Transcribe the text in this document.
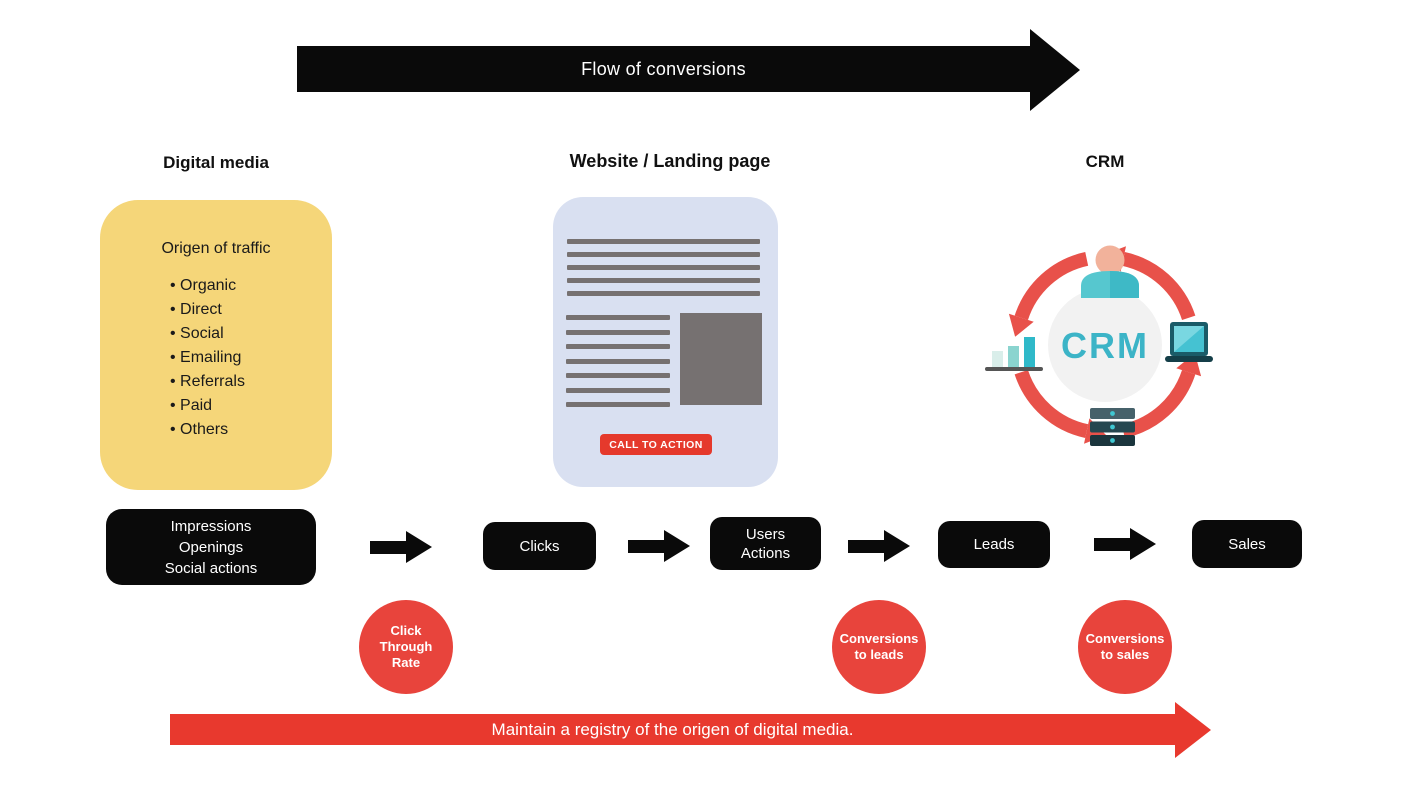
Flow of conversions
Digital media	Website / Landing page	CRM
Origen of traffic
• Organic
• Direct
• Social
• Emailing
• Referrals
• Paid
• Others
CALL TO ACTION
CRM
Impressions
Openings
Social actions
Clicks
Users
Actions	Leads	Sales
Click
Through
Rate
Conversions
to leads
Conversions
to sales
Maintain a registry of the origen of digital media.
